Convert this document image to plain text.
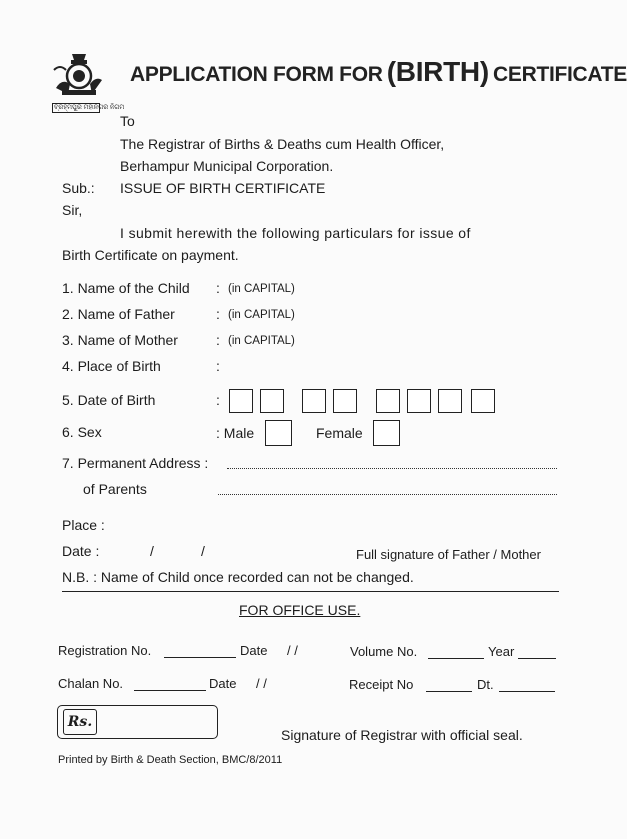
ବ୍ରହ୍ମପୁର ମହାନଗର ନିଗମ
APPLICATION FORM FOR (BIRTH) CERTIFICATE
To
The Registrar of Births & Deaths cum Health Officer,
Berhampur Municipal Corporation.
Sub.: ISSUE OF BIRTH CERTIFICATE
Sir,
I submit herewith the following particulars for issue of
Birth Certificate on payment.
1. Name of the Child : (in CAPITAL)
2. Name of Father	: (in CAPITAL)
3. Name of Mother	: (in CAPITAL)
4. Place of Birth	:
5. Date of Birth	:
6. Sex	: Male	Female
7. Permanent Address :
of Parents
Place :
Date :	/	/	Full signature of Father / Mother
N.B. : Name of Child once recorded can not be changed.
FOR OFFICE USE.
Registration No.	Date / /	Volume No.	Year
Chalan No.	Date / /	Receipt No	Dt.
Rs.
Signature of Registrar with official seal.
Printed by Birth & Death Section, BMC/8/2011
